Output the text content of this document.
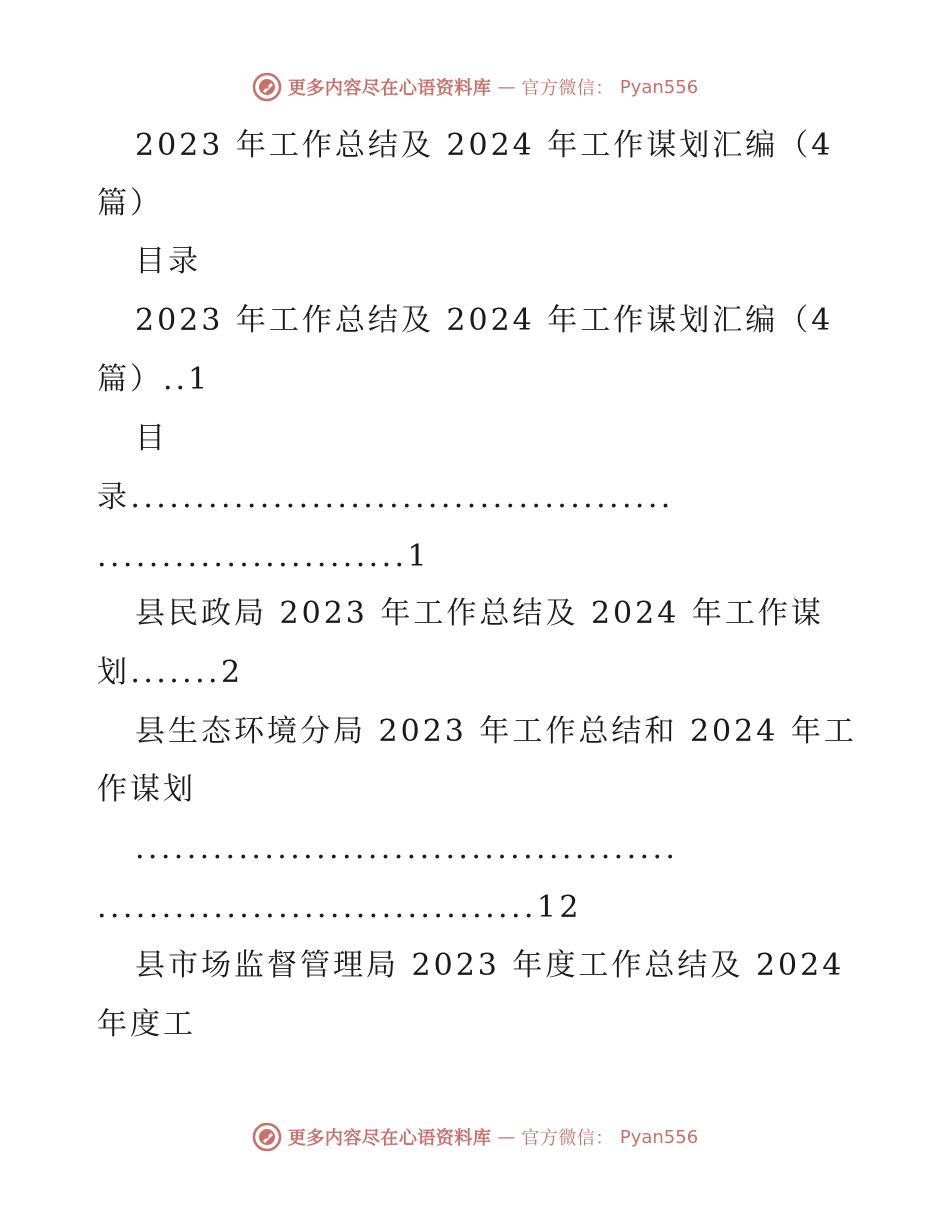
更多内容尽在心语资料库 — 官方微信： Pyan556
2023 年工作总结及 2024 年工作谋划汇编（4
篇）
目录
2023 年工作总结及 2024 年工作谋划汇编（4
篇）..1
目
录..........................................
........................1
县民政局 2023 年工作总结及 2024 年工作谋
划.......2
县生态环境分局 2023 年工作总结和 2024 年工
作谋划
..........................................
..................................12
县市场监督管理局 2023 年度工作总结及 2024
年度工
更多内容尽在心语资料库 — 官方微信： Pyan556
